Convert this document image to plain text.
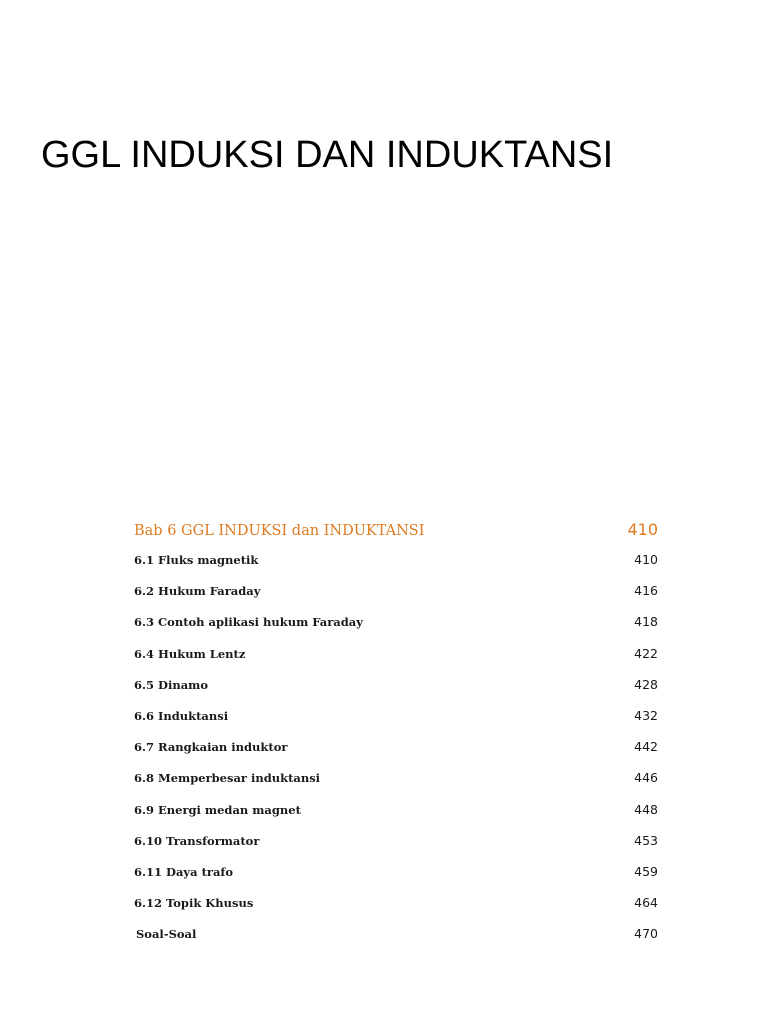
GGL INDUKSI DAN INDUKTANSI
Bab 6 GGL INDUKSI dan INDUKTANSI	410
6.1 Fluks magnetik	410
6.2 Hukum Faraday	416
6.3 Contoh aplikasi hukum Faraday	418
6.4 Hukum Lentz	422
6.5 Dinamo	428
6.6 Induktansi	432
6.7 Rangkaian induktor	442
6.8 Memperbesar induktansi	446
6.9 Energi medan magnet	448
6.10 Transformator	453
6.11 Daya trafo	459
6.12 Topik Khusus	464
Soal-Soal	470
